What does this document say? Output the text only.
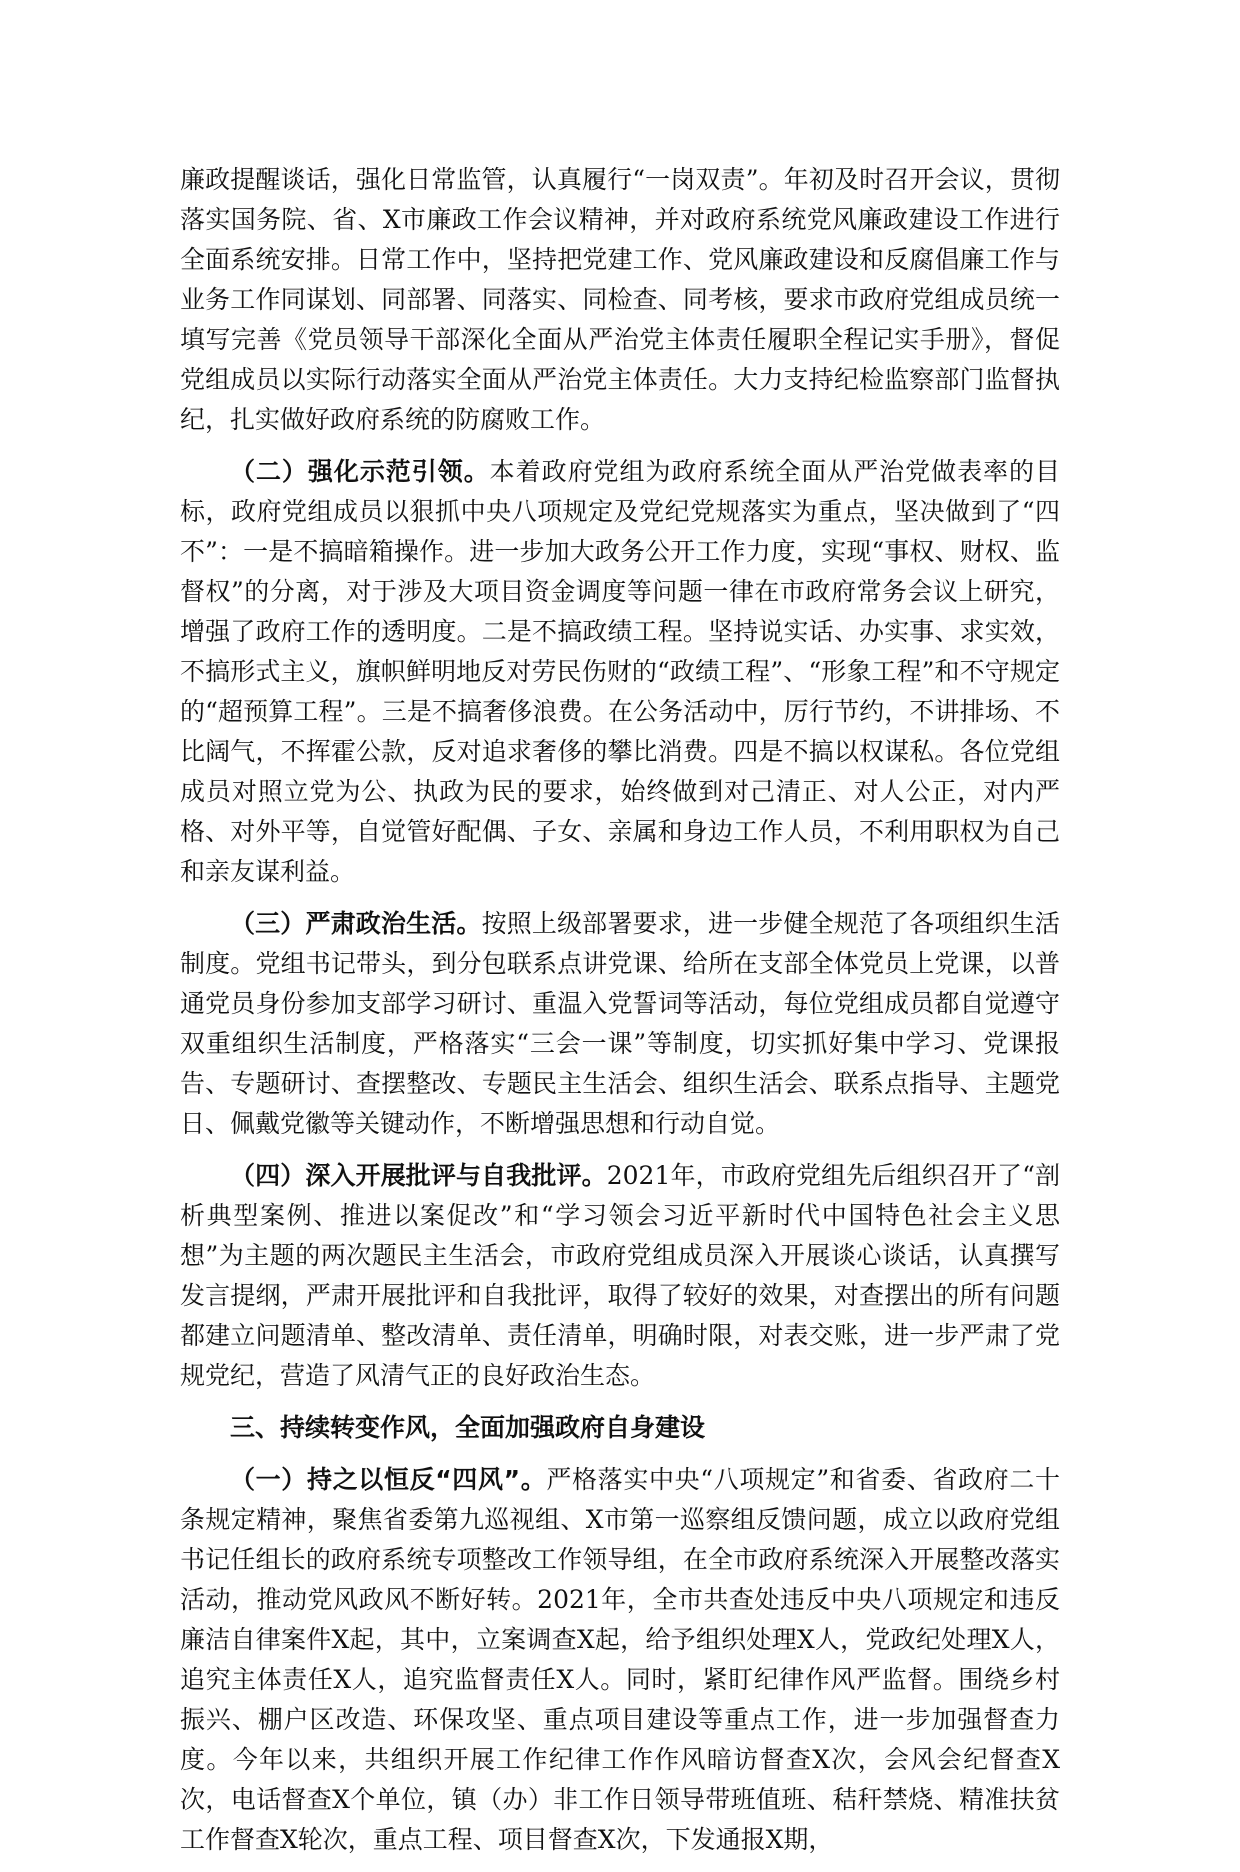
廉政提醒谈话，强化日常监管，认真履行“一岗双责”。年初及时召开会议，贯彻落实国务院、省、X市廉政工作会议精神，并对政府系统党风廉政建设工作进行全面系统安排。日常工作中，坚持把党建工作、党风廉政建设和反腐倡廉工作与业务工作同谋划、同部署、同落实、同检查、同考核，要求市政府党组成员统一填写完善《党员领导干部深化全面从严治党主体责任履职全程记实手册》，督促党组成员以实际行动落实全面从严治党主体责任。大力支持纪检监察部门监督执纪，扎实做好政府系统的防腐败工作。

（二）强化示范引领。本着政府党组为政府系统全面从严治党做表率的目标，政府党组成员以狠抓中央八项规定及党纪党规落实为重点，坚决做到了“四不”：一是不搞暗箱操作。进一步加大政务公开工作力度，实现“事权、财权、监督权”的分离，对于涉及大项目资金调度等问题一律在市政府常务会议上研究，增强了政府工作的透明度。二是不搞政绩工程。坚持说实话、办实事、求实效，不搞形式主义，旗帜鲜明地反对劳民伤财的“政绩工程”、“形象工程”和不守规定的“超预算工程”。三是不搞奢侈浪费。在公务活动中，厉行节约，不讲排场、不比阔气，不挥霍公款，反对追求奢侈的攀比消费。四是不搞以权谋私。各位党组成员对照立党为公、执政为民的要求，始终做到对己清正、对人公正，对内严格、对外平等，自觉管好配偶、子女、亲属和身边工作人员，不利用职权为自己和亲友谋利益。

（三）严肃政治生活。按照上级部署要求，进一步健全规范了各项组织生活制度。党组书记带头，到分包联系点讲党课、给所在支部全体党员上党课，以普通党员身份参加支部学习研讨、重温入党誓词等活动，每位党组成员都自觉遵守双重组织生活制度，严格落实“三会一课”等制度，切实抓好集中学习、党课报告、专题研讨、查摆整改、专题民主生活会、组织生活会、联系点指导、主题党日、佩戴党徽等关键动作，不断增强思想和行动自觉。

（四）深入开展批评与自我批评。2021年，市政府党组先后组织召开了“剖析典型案例、推进以案促改”和“学习领会习近平新时代中国特色社会主义思想”为主题的两次题民主生活会，市政府党组成员深入开展谈心谈话，认真撰写发言提纲，严肃开展批评和自我批评，取得了较好的效果，对查摆出的所有问题都建立问题清单、整改清单、责任清单，明确时限，对表交账，进一步严肃了党规党纪，营造了风清气正的良好政治生态。

三、持续转变作风，全面加强政府自身建设

（一）持之以恒反“四风”。严格落实中央“八项规定”和省委、省政府二十条规定精神，聚焦省委第九巡视组、X市第一巡察组反馈问题，成立以政府党组书记任组长的政府系统专项整改工作领导组，在全市政府系统深入开展整改落实活动，推动党风政风不断好转。2021年，全市共查处违反中央八项规定和违反廉洁自律案件X起，其中，立案调查X起，给予组织处理X人，党政纪处理X人，追究主体责任X人，追究监督责任X人。同时，紧盯纪律作风严监督。围绕乡村振兴、棚户区改造、环保攻坚、重点项目建设等重点工作，进一步加强督查力度。今年以来，共组织开展工作纪律工作作风暗访督查X次，会风会纪督查X次，电话督查X个单位，镇（办）非工作日领导带班值班、秸秆禁烧、精准扶贫工作督查X轮次，重点工程、项目督查X次，下发通报X期，
